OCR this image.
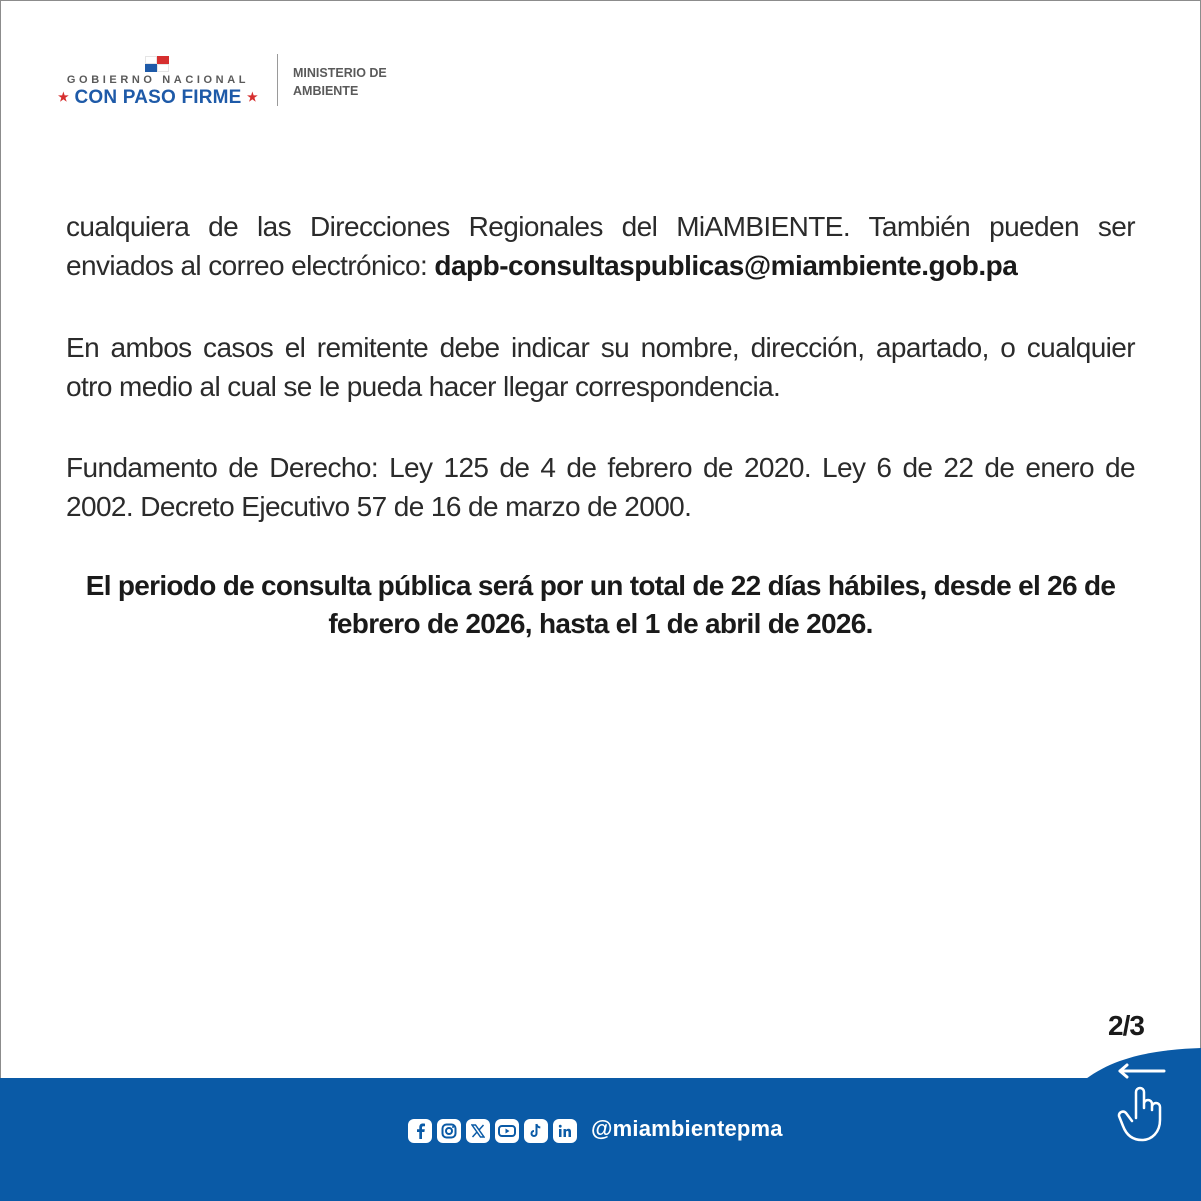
GOBIERNO NACIONAL
★ CON PASO FIRME ★
MINISTERIO DE
AMBIENTE

cualquiera de las Direcciones Regionales del MiAMBIENTE. También pueden ser enviados al correo electrónico: dapb-consultaspublicas@miambiente.gob.pa

En ambos casos el remitente debe indicar su nombre, dirección, apartado, o cualquier otro medio al cual se le pueda hacer llegar correspondencia.

Fundamento de Derecho: Ley 125 de 4 de febrero de 2020. Ley 6 de 22 de enero de 2002. Decreto Ejecutivo 57 de 16 de marzo de 2000.

El periodo de consulta pública será por un total de 22 días hábiles, desde el 26 de
febrero de 2026, hasta el 1 de abril de 2026.

2/3
@miambientepma
